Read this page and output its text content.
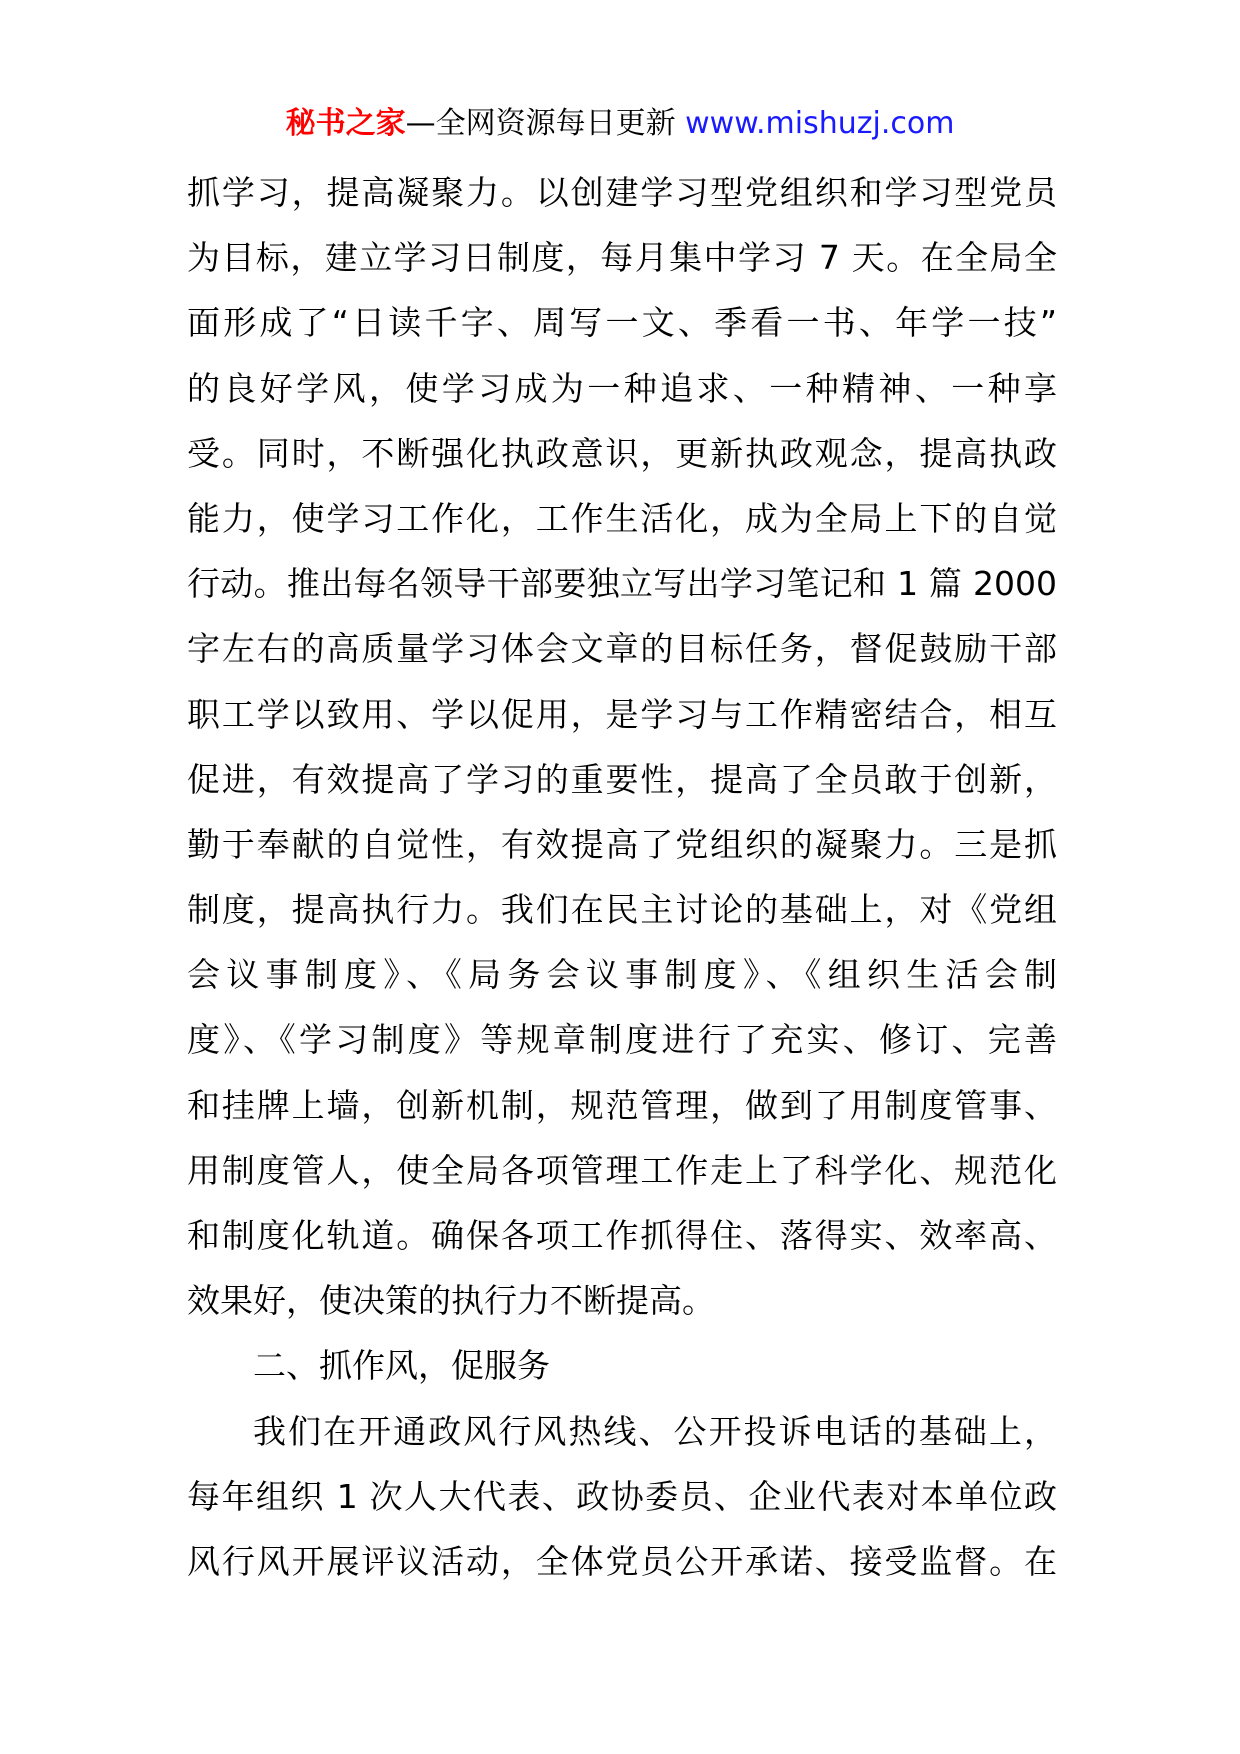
秘书之家—全网资源每日更新 www.mishuzj.com
抓学习，提高凝聚力。以创建学习型党组织和学习型党员
为目标，建立学习日制度，每月集中学习 7 天。在全局全
面形成了“日读千字、周写一文、季看一书、年学一技”
的良好学风，使学习成为一种追求、一种精神、一种享
受。同时，不断强化执政意识，更新执政观念，提高执政
能力，使学习工作化，工作生活化，成为全局上下的自觉
行动。推出每名领导干部要独立写出学习笔记和 1 篇 2000
字左右的高质量学习体会文章的目标任务，督促鼓励干部
职工学以致用、学以促用，是学习与工作精密结合，相互
促进，有效提高了学习的重要性，提高了全员敢于创新，
勤于奉献的自觉性，有效提高了党组织的凝聚力。三是抓
制度，提高执行力。我们在民主讨论的基础上，对《党组
会议事制度》、《局务会议事制度》、《组织生活会制
度》、《学习制度》等规章制度进行了充实、修订、完善
和挂牌上墙，创新机制，规范管理，做到了用制度管事、
用制度管人，使全局各项管理工作走上了科学化、规范化
和制度化轨道。确保各项工作抓得住、落得实、效率高、
效果好，使决策的执行力不断提高。
二、抓作风，促服务
我们在开通政风行风热线、公开投诉电话的基础上，
每年组织 1 次人大代表、政协委员、企业代表对本单位政
风行风开展评议活动，全体党员公开承诺、接受监督。在
